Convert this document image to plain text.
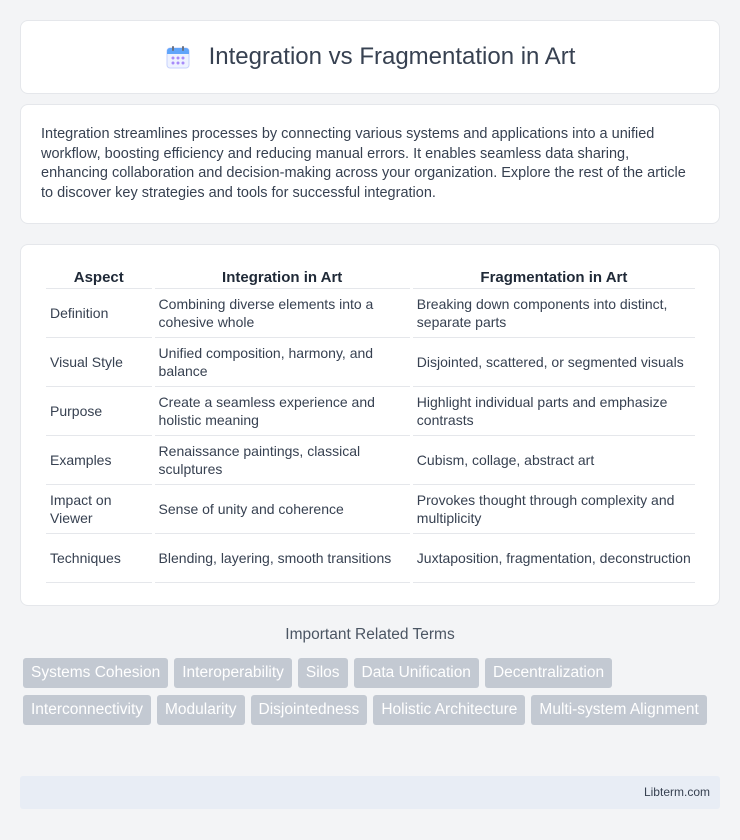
Integration vs Fragmentation in Art

Integration streamlines processes by connecting various systems and applications into a unified workflow, boosting efficiency and reducing manual errors. It enables seamless data sharing, enhancing collaboration and decision-making across your organization. Explore the rest of the article to discover key strategies and tools for successful integration.

Aspect	Integration in Art	Fragmentation in Art
Definition	Combining diverse elements into a cohesive whole	Breaking down components into distinct, separate parts
Visual Style	Unified composition, harmony, and balance	Disjointed, scattered, or segmented visuals
Purpose	Create a seamless experience and holistic meaning	Highlight individual parts and emphasize contrasts
Examples	Renaissance paintings, classical sculptures	Cubism, collage, abstract art
Impact on Viewer	Sense of unity and coherence	Provokes thought through complexity and multiplicity
Techniques	Blending, layering, smooth transitions	Juxtaposition, fragmentation, deconstruction
Important Related Terms
Systems Cohesion	Interoperability	Silos	Data Unification	Decentralization
Interconnectivity	Modularity	Disjointedness	Holistic Architecture	Multi-system Alignment
Libterm.com
